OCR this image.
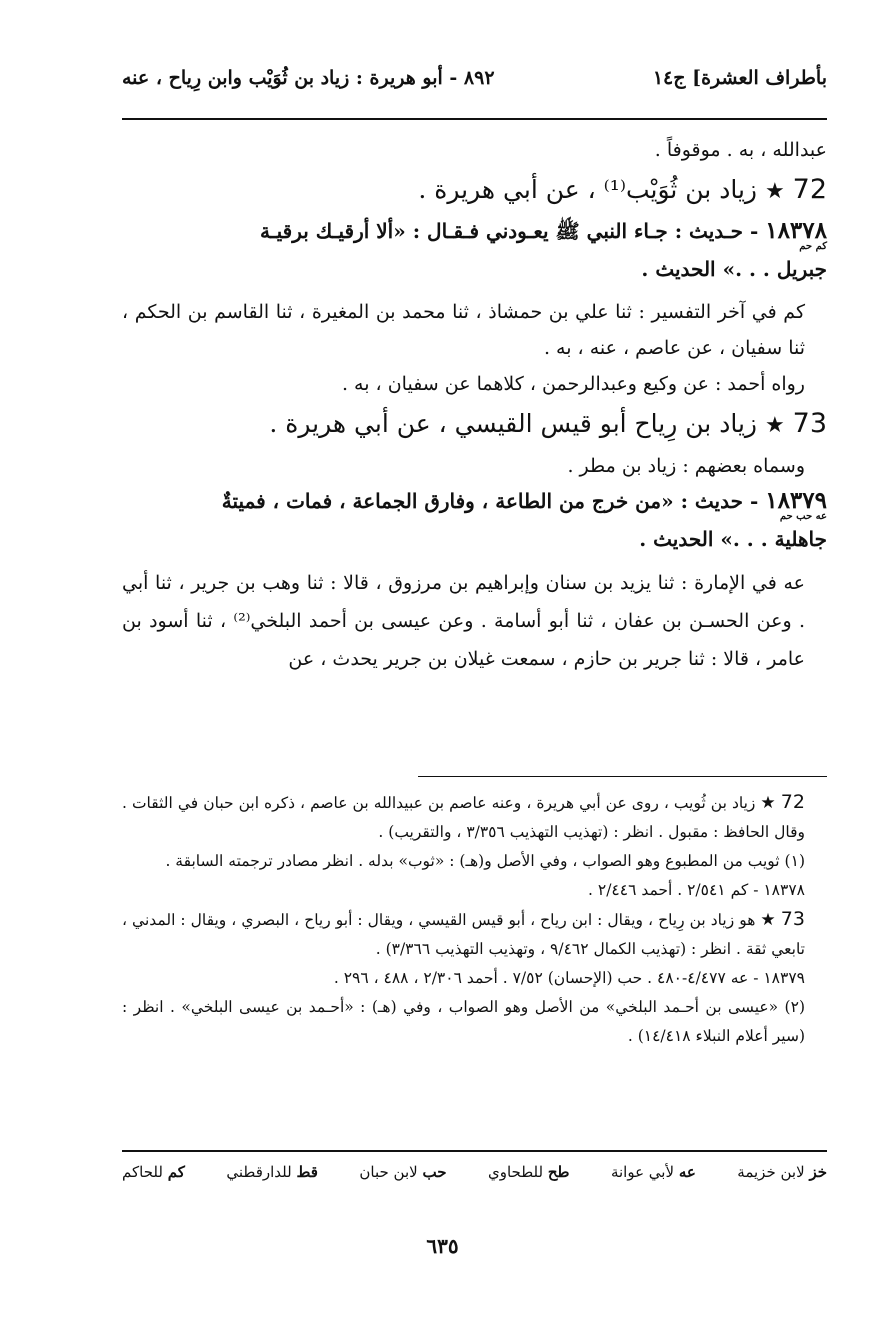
بأطراف العشرة] ج١٤
٨٩٢ - أبو هريرة : زياد بن ثُوَيْب وابن رِياح ، عنه

عبدالله ، به . موقوفاً .

72 ★ زياد بن ثُوَيْب⁽¹⁾ ، عن أبي هريرة .

١٨٣٧٨ - حـديث : جـاء النبي ﷺ يعـودني فـقـال : «ألا أرقيـك برقيـة
كم حم
جبريل . . .» الحديث .

كم في آخر التفسير : ثنا علي بن حمشاذ ، ثنا محمد بن المغيرة ، ثنا القاسم بن الحكم ، ثنا سفيان ، عن عاصم ، عنه ، به .

رواه أحمد : عن وكيع وعبدالرحمن ، كلاهما عن سفيان ، به .

73 ★ زياد بن رِياح أبو قيس القيسي ، عن أبي هريرة .

وسماه بعضهم : زياد بن مطر .

١٨٣٧٩ - حديث : «من خرج من الطاعة ، وفارق الجماعة ، فمات ، فميتةٌ
عه حب حم
جاهلية . . .» الحديث .

عه في الإمارة : ثنا يزيد بن سنان وإبراهيم بن مرزوق ، قالا : ثنا وهب بن جرير ، ثنا أبي . وعن الحسـن بن عفان ، ثنا أبو أسامة . وعن عيسى بن أحمد البلخي⁽²⁾ ، ثنا أسود بن عامر ، قالا : ثنا جرير بن حازم ، سمعت غيلان بن جرير يحدث ، عن

72 ★ زياد بن ثُويب ، روى عن أبي هريرة ، وعنه عاصم بن عبيدالله بن عاصم ، ذكره ابن حبان في الثقات . وقال الحافظ : مقبول . انظر : (تهذيب التهذيب ٣/٣٥٦ ، والتقريب) .

(١) ثويب من المطبوع وهو الصواب ، وفي الأصل و(هـ) : «ثوب» بدله . انظر مصادر ترجمته السابقة .

١٨٣٧٨ - كم ٢/٥٤١ . أحمد ٢/٤٤٦ .

73 ★ هو زياد بن رِياح ، ويقال : ابن رياح ، أبو قيس القيسي ، ويقال : أبو رياح ، البصري ، ويقال : المدني ، تابعي ثقة . انظر : (تهذيب الكمال ٩/٤٦٢ ، وتهذيب التهذيب ٣/٣٦٦) .

١٨٣٧٩ - عه ٤/٤٧٧-٤٨٠ . حب (الإحسان) ٧/٥٢ . أحمد ٢/٣٠٦ ، ٤٨٨ ، ٢٩٦ .

(٢) «عيسى بن أحـمد البلخي» من الأصل وهو الصواب ، وفي (هـ) : «أحـمد بن عيسى البلخي» . انظر : (سير أعلام النبلاء ١٤/٤١٨) .

خز لابن خزيمة
عه لأبي عوانة
طح للطحاوي
حب لابن حبان
قط للدارقطني
كم للحاكم
٦٣٥
